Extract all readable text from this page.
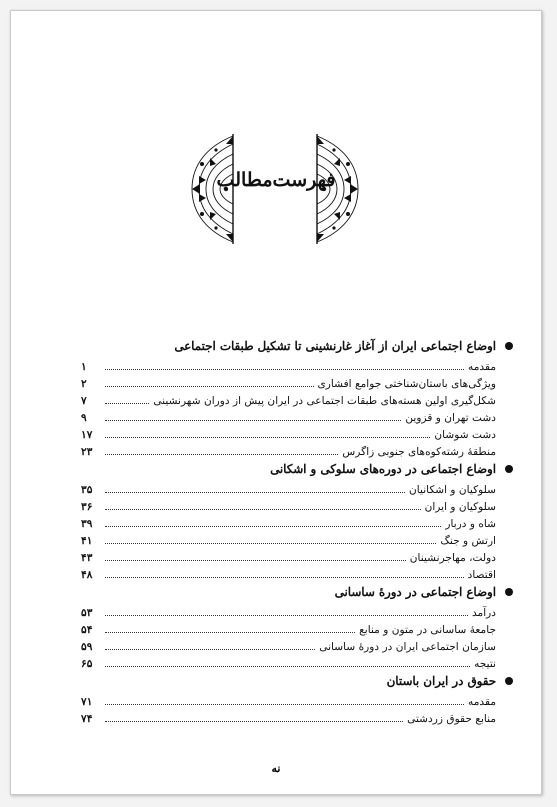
فهرست‌مطالب
اوضاع اجتماعی ایران از آغاز غارنشینی تا تشکیل طبقات اجتماعی
مقدمه
۱
ویژگی‌های باستان‌شناختی جوامع افشاری
۲
شکل‌گیری اولین هسته‌های طبقات اجتماعی در ایران پیش از دوران شهرنشینی
۷
دشت تهران و قزوین
۹
دشت شوشان
۱۷
منطقهٔ رشته‌کوه‌های جنوبی زاگرس
۲۳
اوضاع اجتماعی در دوره‌های سلوکی و اشکانی
سلوکیان و اشکانیان
۳۵
سلوکیان و ایران
۳۶
شاه و دربار
۳۹
ارتش و جنگ
۴۱
دولت، مهاجرنشینان
۴۳
اقتصاد
۴۸
اوضاع اجتماعی در دورهٔ ساسانی
درآمد
۵۳
جامعهٔ ساسانی در متون و منابع
۵۴
سازمان اجتماعی ایران در دورهٔ ساسانی
۵۹
نتیجه
۶۵
حقوق در ایران باستان
مقدمه
۷۱
منابع حقوق زردشتی
۷۴
نه
